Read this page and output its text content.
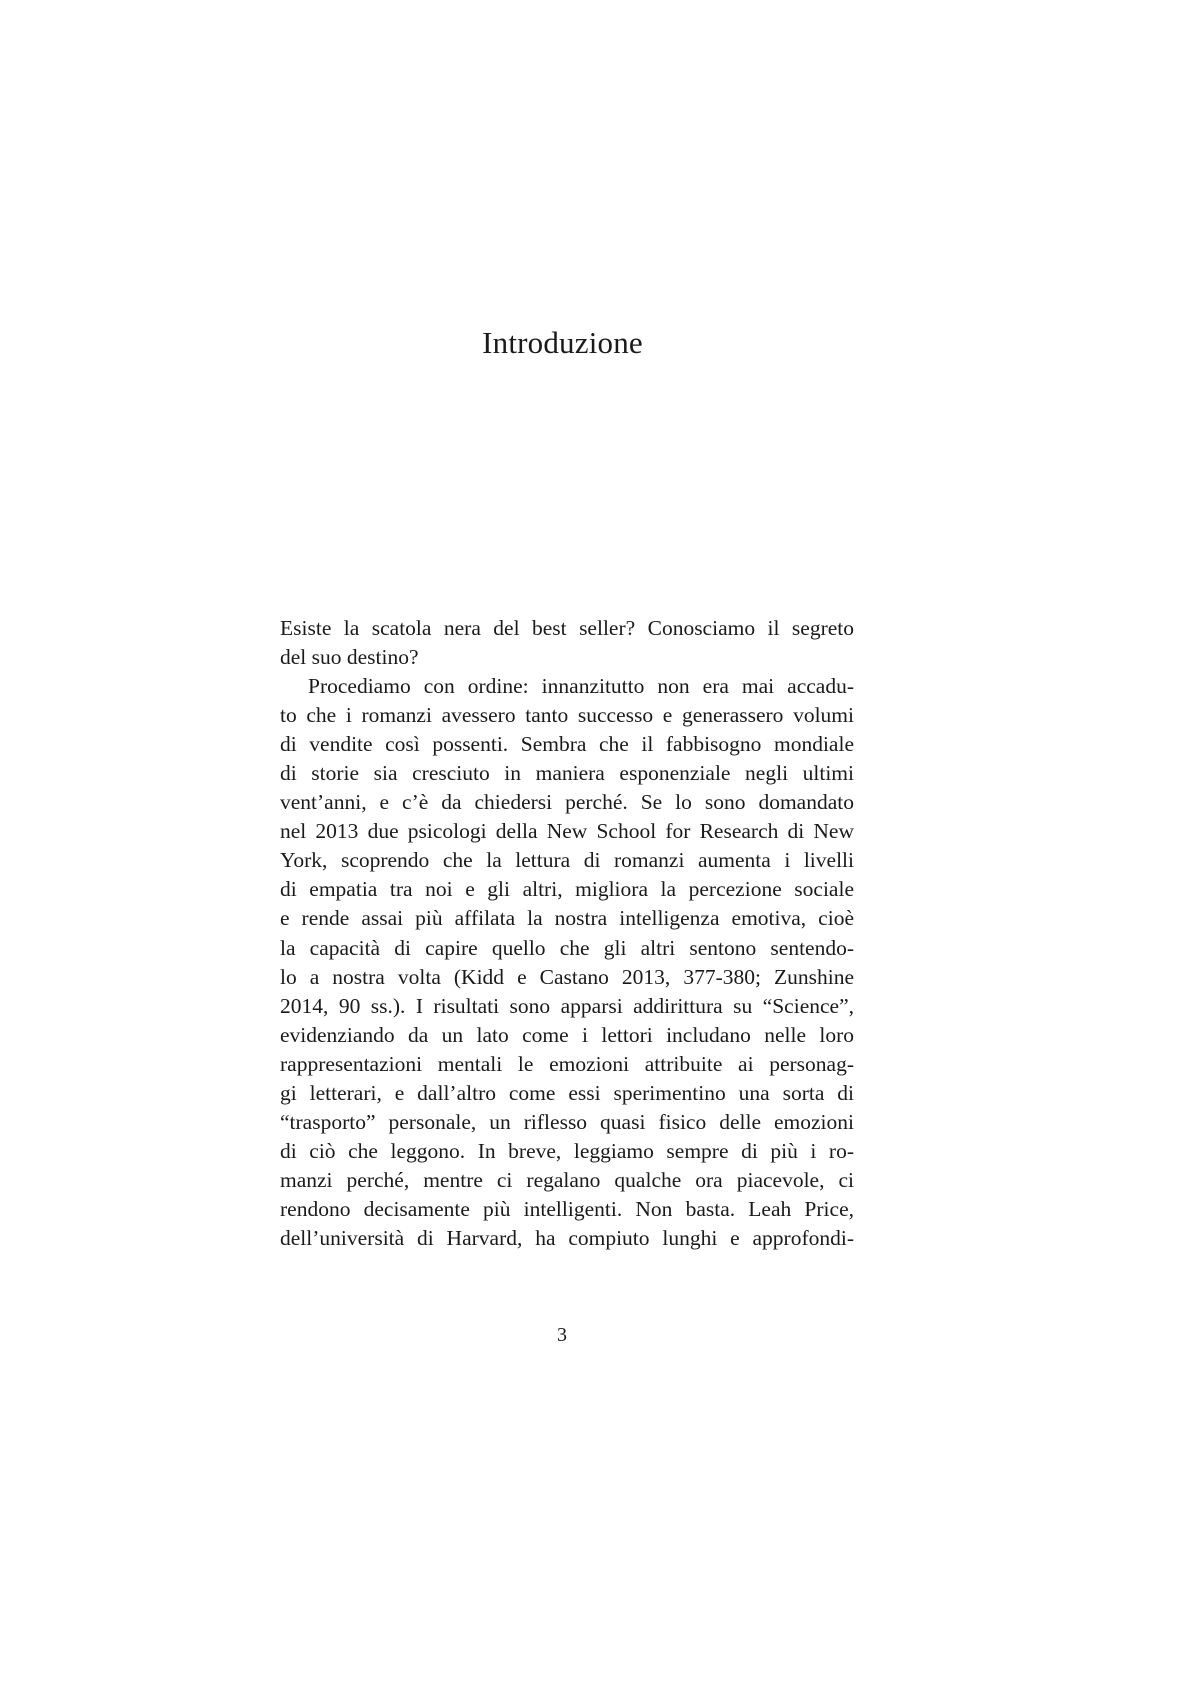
Introduzione
Esiste la scatola nera del best seller? Conosciamo il segreto
del suo destino?
Procediamo con ordine: innanzitutto non era mai accadu-
to che i romanzi avessero tanto successo e generassero volumi
di vendite così possenti. Sembra che il fabbisogno mondiale
di storie sia cresciuto in maniera esponenziale negli ultimi
vent’anni, e c’è da chiedersi perché. Se lo sono domandato
nel 2013 due psicologi della New School for Research di New
York, scoprendo che la lettura di romanzi aumenta i livelli
di empatia tra noi e gli altri, migliora la percezione sociale
e rende assai più affilata la nostra intelligenza emotiva, cioè
la capacità di capire quello che gli altri sentono sentendo-
lo a nostra volta (Kidd e Castano 2013, 377-380; Zunshine
2014, 90 ss.). I risultati sono apparsi addirittura su “Science”,
evidenziando da un lato come i lettori includano nelle loro
rappresentazioni mentali le emozioni attribuite ai personag-
gi letterari, e dall’altro come essi sperimentino una sorta di
“trasporto” personale, un riflesso quasi fisico delle emozioni
di ciò che leggono. In breve, leggiamo sempre di più i ro-
manzi perché, mentre ci regalano qualche ora piacevole, ci
rendono decisamente più intelligenti. Non basta. Leah Price,
dell’università di Harvard, ha compiuto lunghi e approfondi-
3
